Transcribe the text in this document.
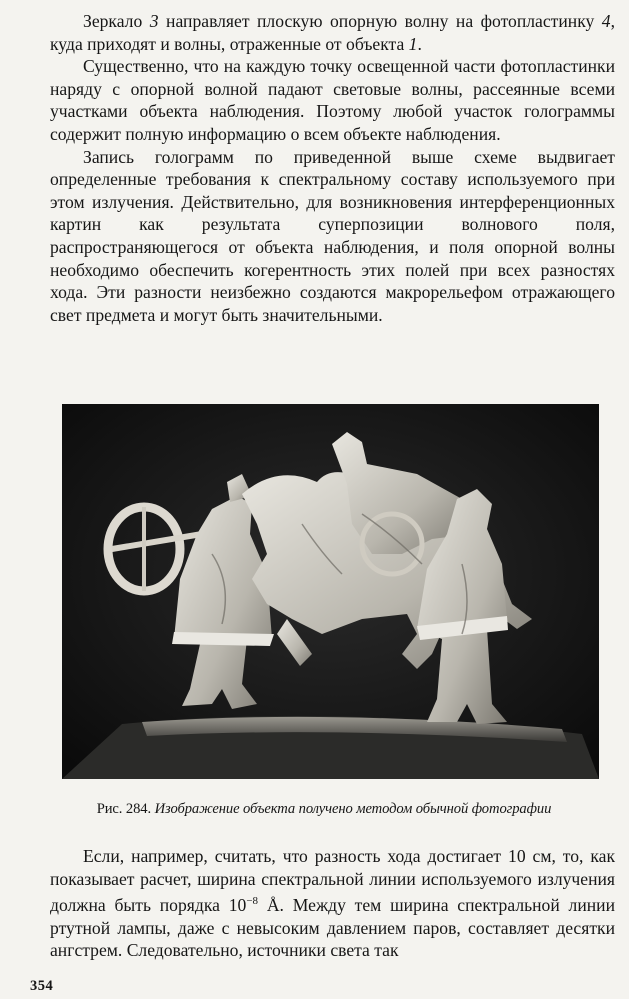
Зеркало 3 направляет плоскую опорную волну на фотопластинку 4, куда приходят и волны, отраженные от объекта 1.

Существенно, что на каждую точку освещенной части фотопластинки наряду с опорной волной падают световые волны, рассеянные всеми участками объекта наблюдения. Поэтому любой участок голограммы содержит полную информацию о всем объекте наблюдения.

Запись голограмм по приведенной выше схеме выдвигает определенные требования к спектральному составу используемого при этом излучения. Действительно, для возникновения интерференционных картин как результата суперпозиции волнового поля, распространяющегося от объекта наблюдения, и поля опорной волны необходимо обеспечить когерентность этих полей при всех разностях хода. Эти разности неизбежно создаются макрорельефом отражающего свет предмета и могут быть значительными.

Рис. 284. Изображение объекта получено методом обычной фотографии

Если, например, считать, что разность хода достигает 10 см, то, как показывает расчет, ширина спектральной линии используемого излучения должна быть порядка $10^{-8}$ Å. Между тем ширина спектральной линии ртутной лампы, даже с невысоким давлением паров, составляет десятки ангстрем. Следовательно, источники света так

354
